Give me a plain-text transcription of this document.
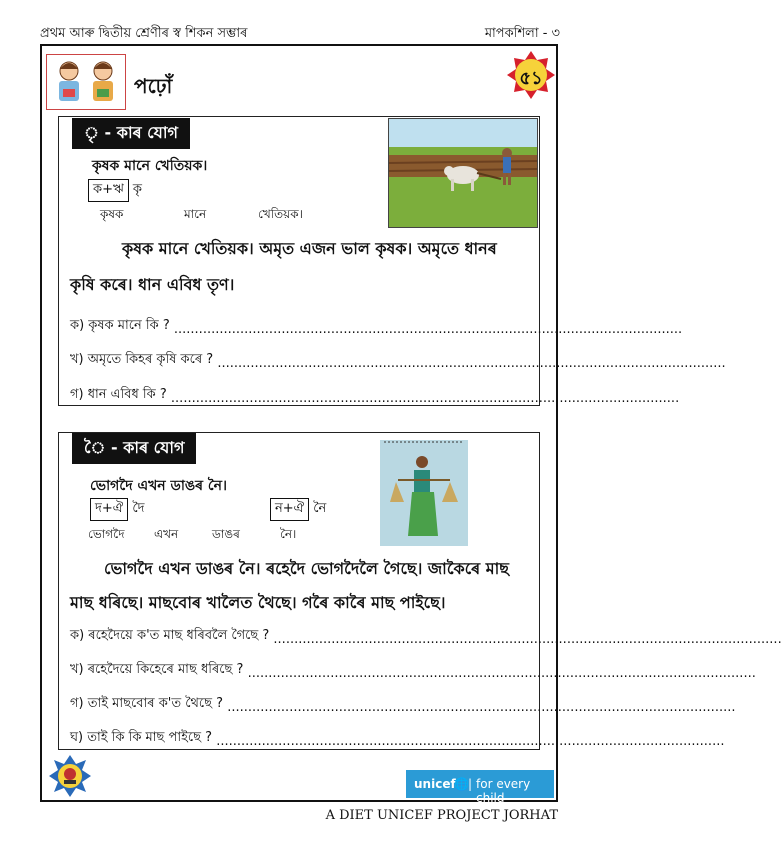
প্ৰথম আৰু দ্বিতীয় শ্ৰেণীৰ স্ব শিকন সম্ভাৰ	মাপকশিলা - ৩
পঢ়োঁ	৫১
ৃ - কাৰ যোগ
কৃষক মানে খেতিয়ক।
ক+ঋ কৃ
কৃষক	মানে	খেতিয়ক।
কৃষক মানে খেতিয়ক। অমৃত এজন ভাল কৃষক। অমৃতে ধানৰ
কৃষি কৰে। ধান এবিধ তৃণ।
ক) কৃষক মানে কি ? ...........................................................................................................................
খ) অমৃতে কিহৰ কৃষি কৰে ? ...........................................................................................................................
গ) ধান এবিধ কি ? ...........................................................................................................................
ৈ - কাৰ যোগ
ভোগদৈ এখন ডাঙৰ নৈ।
দ+ঐ দৈ	ন+ঐ নৈ
ভোগদৈ এখন	ডাঙৰ	নৈ।
ভোগদৈ এখন ডাঙৰ নৈ। ৰহেদৈ ভোগদৈলৈ গৈছে। জাকৈৰে মাছ
মাছ ধৰিছে। মাছবোৰ খালৈত থৈছে। গৰৈ কাৰৈ মাছ পাইছে।
ক) ৰহেদৈয়ে ক'ত মাছ ধৰিবলৈ গৈছে ? ...........................................................................................................................
খ) ৰহেদৈয়ে কিহেৰে মাছ ধৰিছে ? ...........................................................................................................................
গ) তাই মাছবোৰ ক'ত থৈছে ? ...........................................................................................................................
ঘ) তাই কি কি মাছ পাইছে ? ...........................................................................................................................
unicef
🌐 | for every child
A DIET UNICEF PROJECT JORHAT
